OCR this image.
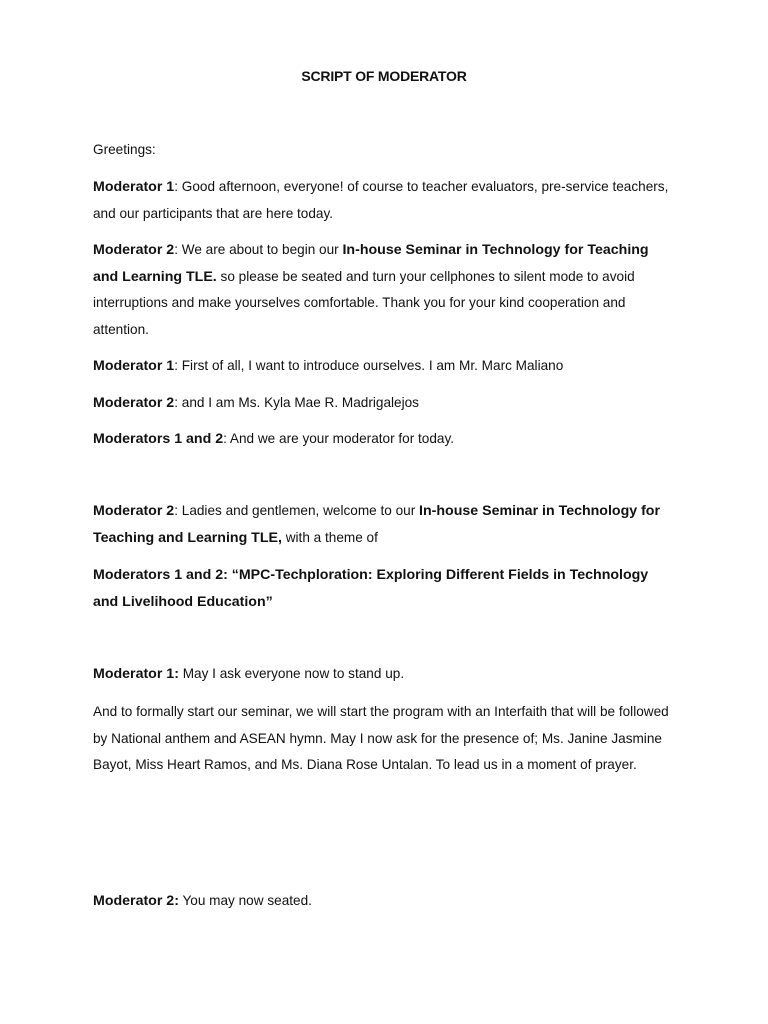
SCRIPT OF MODERATOR

Greetings:

Moderator 1: Good afternoon, everyone! of course to teacher evaluators, pre-service teachers, and our participants that are here today.

Moderator 2: We are about to begin our In-house Seminar in Technology for Teaching and Learning TLE. so please be seated and turn your cellphones to silent mode to avoid interruptions and make yourselves comfortable. Thank you for your kind cooperation and attention.

Moderator 1: First of all, I want to introduce ourselves. I am Mr. Marc Maliano

Moderator 2: and I am Ms. Kyla Mae R. Madrigalejos

Moderators 1 and 2: And we are your moderator for today.

Moderator 2: Ladies and gentlemen, welcome to our In-house Seminar in Technology for Teaching and Learning TLE, with a theme of

Moderators 1 and 2: “MPC-Techploration: Exploring Different Fields in Technology and Livelihood Education”

Moderator 1: May I ask everyone now to stand up.

And to formally start our seminar, we will start the program with an Interfaith that will be followed by National anthem and ASEAN hymn. May I now ask for the presence of; Ms. Janine Jasmine Bayot, Miss Heart Ramos, and Ms. Diana Rose Untalan. To lead us in a moment of prayer.

Moderator 2: You may now seated.
